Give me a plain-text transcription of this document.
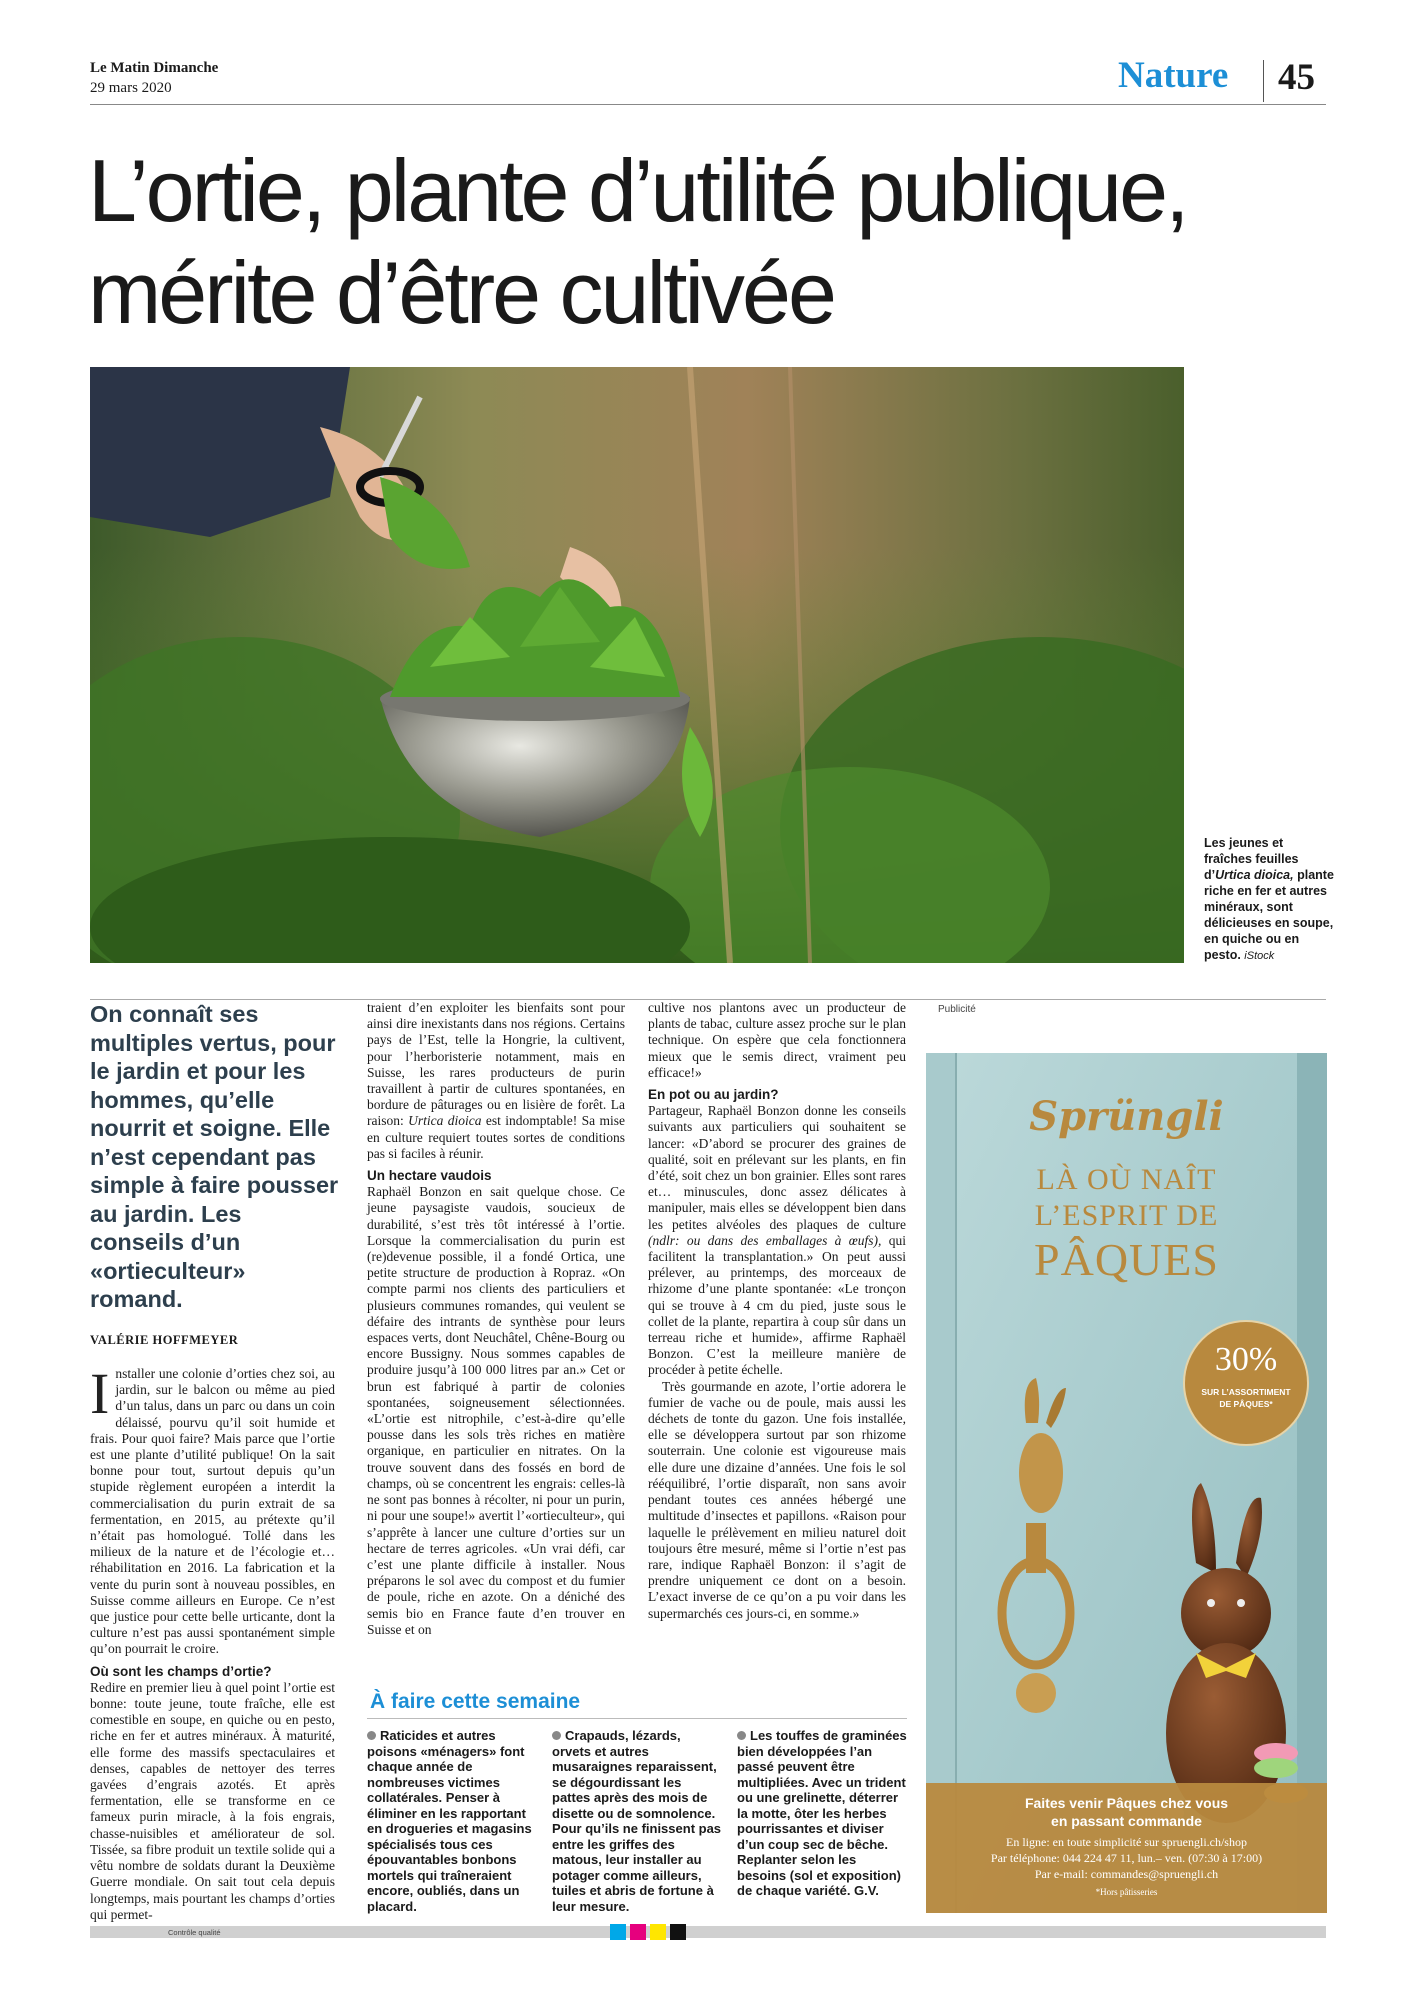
Le Matin Dimanche
29 mars 2020	Nature 45
L’ortie, plante d’utilité publique,
mérite d’être cultivée
Les jeunes et fraîches feuilles d’Urtica dioica, plante riche en fer et autres minéraux, sont délicieuses en soupe, en quiche ou en pesto. iStock
On connaît ses multiples vertus, pour le jardin et pour les hommes, qu’elle nourrit et soigne. Elle n’est cependant pas simple à faire pousser au jardin. Les conseils d’un «ortieculteur» romand.
VALÉRIE HOFFMEYER

Installer une colonie d’orties chez soi, au jardin, sur le balcon ou même au pied d’un talus, dans un parc ou dans un coin délaissé, pourvu qu’il soit humide et frais. Pour quoi faire? Mais parce que l’ortie est une plante d’utilité publique! On la sait bonne pour tout, surtout depuis qu’un stupide règlement européen a interdit la commercialisation du purin extrait de sa fermentation, en 2015, au prétexte qu’il n’était pas homologué. Tollé dans les milieux de la nature et de l’écologie et… réhabilitation en 2016. La fabrication et la vente du purin sont à nouveau possibles, en Suisse comme ailleurs en Europe. Ce n’est que justice pour cette belle urticante, dont la culture n’est pas aussi spontanément simple qu’on pourrait le croire.

Où sont les champs d’ortie?

Redire en premier lieu à quel point l’ortie est bonne: toute jeune, toute fraîche, elle est comestible en soupe, en quiche ou en pesto, riche en fer et autres minéraux. À maturité, elle forme des massifs spectaculaires et denses, capables de nettoyer des terres gavées d’engrais azotés. Et après fermentation, elle se transforme en ce fameux purin miracle, à la fois engrais, chasse-nuisibles et améliorateur de sol. Tissée, sa fibre produit un textile solide qui a vêtu nombre de soldats durant la Deuxième Guerre mondiale. On sait tout cela depuis longtemps, mais pourtant les champs d’orties qui permet-

traient d’en exploiter les bienfaits sont pour ainsi dire inexistants dans nos régions. Certains pays de l’Est, telle la Hongrie, la cultivent, pour l’herboristerie notamment, mais en Suisse, les rares producteurs de purin travaillent à partir de cultures spontanées, en bordure de pâturages ou en lisière de forêt. La raison: Urtica dioica est indomptable! Sa mise en culture requiert toutes sortes de conditions pas si faciles à réunir.

Un hectare vaudois

Raphaël Bonzon en sait quelque chose. Ce jeune paysagiste vaudois, soucieux de durabilité, s’est très tôt intéressé à l’ortie. Lorsque la commercialisation du purin est (re)devenue possible, il a fondé Ortica, une petite structure de production à Ropraz. «On compte parmi nos clients des particuliers et plusieurs communes romandes, qui veulent se défaire des intrants de synthèse pour leurs espaces verts, dont Neuchâtel, Chêne-Bourg ou encore Bussigny. Nous sommes capables de produire jusqu’à 100 000 litres par an.» Cet or brun est fabriqué à partir de colonies spontanées, soigneusement sélectionnées. «L’ortie est nitrophile, c’est-à-dire qu’elle pousse dans les sols très riches en matière organique, en particulier en nitrates. On la trouve souvent dans des fossés en bord de champs, où se concentrent les engrais: celles-là ne sont pas bonnes à récolter, ni pour un purin, ni pour une soupe!» avertit l’«ortieculteur», qui s’apprête à lancer une culture d’orties sur un hectare de terres agricoles. «Un vrai défi, car c’est une plante difficile à installer. Nous préparons le sol avec du compost et du fumier de poule, riche en azote. On a déniché des semis bio en France faute d’en trouver en Suisse et on

cultive nos plantons avec un producteur de plants de tabac, culture assez proche sur le plan technique. On espère que cela fonctionnera mieux que le semis direct, vraiment peu efficace!»

En pot ou au jardin?

Partageur, Raphaël Bonzon donne les conseils suivants aux particuliers qui souhaitent se lancer: «D’abord se procurer des graines de qualité, soit en prélevant sur les plants, en fin d’été, soit chez un bon grainier. Elles sont rares et… minuscules, donc assez délicates à manipuler, mais elles se développent bien dans les petites alvéoles des plaques de culture (ndlr: ou dans des emballages à œufs), qui facilitent la transplantation.» On peut aussi prélever, au printemps, des morceaux de rhizome d’une plante spontanée: «Le tronçon qui se trouve à 4 cm du pied, juste sous le collet de la plante, repartira à coup sûr dans un terreau riche et humide», affirme Raphaël Bonzon. C’est la meilleure manière de procéder à petite échelle.

Très gourmande en azote, l’ortie adorera le fumier de vache ou de poule, mais aussi les déchets de tonte du gazon. Une fois installée, elle se développera surtout par son rhizome souterrain. Une colonie est vigoureuse mais elle dure une dizaine d’années. Une fois le sol rééquilibré, l’ortie disparaît, non sans avoir pendant toutes ces années hébergé une multitude d’insectes et papillons. «Raison pour laquelle le prélèvement en milieu naturel doit toujours être mesuré, même si l’ortie n’est pas rare, indique Raphaël Bonzon: il s’agit de prendre uniquement ce dont on a besoin. L’exact inverse de ce qu’on a pu voir dans les supermarchés ces jours-ci, en somme.»

À faire cette semaine
Raticides et autres poisons «ménagers» font chaque année de nombreuses victimes collatérales. Penser à éliminer en les rapportant en drogueries et magasins spécialisés tous ces épouvantables bonbons mortels qui traîneraient encore, oubliés, dans un placard.
Crapauds, lézards, orvets et autres musaraignes reparaissent, se dégourdissant les pattes après des mois de disette ou de somnolence. Pour qu’ils ne finissent pas entre les griffes des matous, leur installer au potager comme ailleurs, tuiles et abris de fortune à leur mesure.
Les touffes de graminées bien développées l’an passé peuvent être multipliées. Avec un trident ou une grelinette, déterrer la motte, ôter les herbes pourrissantes et diviser d’un coup sec de bêche. Replanter selon les besoins (sol et exposition) de chaque variété. G.V.
Publicité
Sprüngli
LÀ OÙ NAÎT
L’ESPRIT DE
PÂQUES
30%
SUR L’ASSORTIMENT
DE PÂQUES*
Faites venir Pâques chez vous
en passant commande
En ligne: en toute simplicité sur spruengli.ch/shop
Par téléphone: 044 224 47 11, lun.– ven. (07:30 à 17:00)
Par e-mail: commandes@spruengli.ch
*Hors pâtisseries
Contrôle qualité
